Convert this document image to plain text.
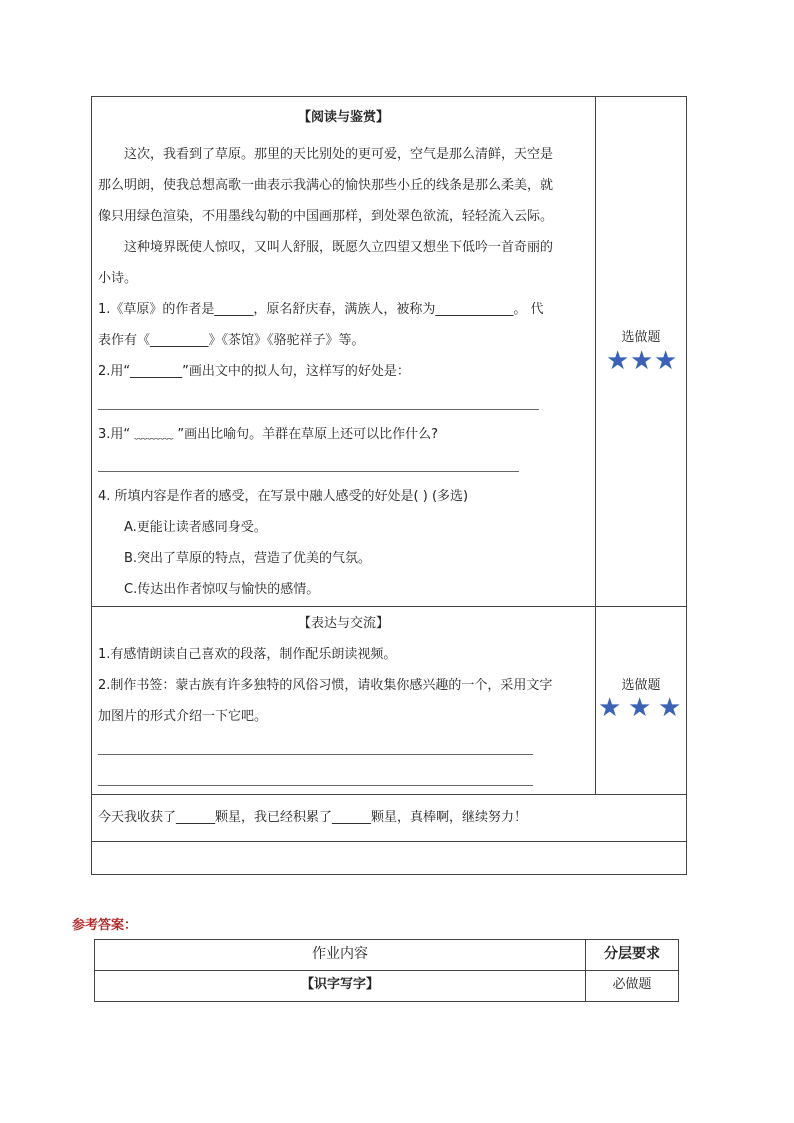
【阅读与鉴赏】
这次，我看到了草原。那里的天比别处的更可爱，空气是那么清鲜，天空是
那么明朗，使我总想高歌一曲表示我满心的愉快那些小丘的线条是那么柔美，就
像只用绿色渲染，不用墨线勾勒的中国画那样，到处翠色欲流，轻轻流入云际。
这种境界既使人惊叹，又叫人舒服，既愿久立四望又想坐下低吟一首奇丽的
小诗。
1.《草原》的作者是______，原名舒庆春，满族人，被称为____________。 代
表作有《_________》《茶馆》《骆驼祥子》等。
2.用“________”画出文中的拟人句，这样写的好处是：
3.用“ ﹏﹏﹏ ”画出比喻句。羊群在草原上还可以比作什么?
4. 所填内容是作者的感受，在写景中融人感受的好处是( ) (多选)
A.更能让读者感同身受。
B.突出了草原的特点，营造了优美的气氛。
C.传达出作者惊叹与愉快的感情。
选做题
★ ★ ★
【表达与交流】
1.有感情朗读自己喜欢的段落，制作配乐朗读视频。
2.制作书签：蒙古族有许多独特的风俗习惯，请收集你感兴趣的一个，采用文字
加图片的形式介绍一下它吧。
选做题
★ ★ ★
今天我收获了______颗星，我已经积累了______颗星，真棒啊，继续努力！
参考答案：
作业内容	分层要求
【识字写字】	必做题
